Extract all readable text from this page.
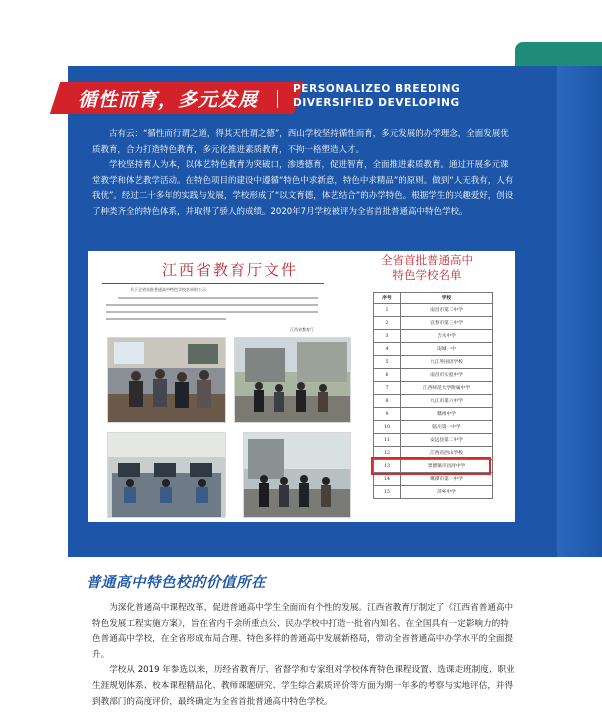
循性而育，多元发展	PERSONALIZEO BREEDING
DIVERSIFIED DEVELOPING

古有云：“循性而行谓之道，得其天性谓之德”，西山学校坚持循性而育，多元发展的办学理念，全面发展优质教育，合力打造特色教育，多元化推进素质教育，不拘一格塑造人才。

学校坚持育人为本，以体艺特色教育为突破口，渗透德育，促进智育，全面推进素质教育。通过开展多元课堂教学和体艺教学活动。在特色项目的建设中遵循“特色中求新意，特色中求精品”的原则。做到“人无我有，人有我优”。经过二十多年的实践与发展，学校形成了“以文育德，体艺结合”的办学特色。根据学生的兴趣爱好，创设了种类齐全的特色体系，并取得了骄人的成绩。2020年7月学校被评为全省首批普通高中特色学校。

江西省教育厅文件
关于全省首批普通高中特色学校名单的公示
江西省教育厅
全省首批普通高中
特色学校名单
序号	学校
1	南昌市第二中学
2	宜春市第三中学
3	吉水中学
4	南城一中
5	九江外国语学校
6	南昌市实验中学
7	江西师范大学附属中学
8	九江市第六中学
9	赣州中学
10	临川第一中学
11	安远县第二中学
12	江西省西山学校
13	景德镇市昌河中学
14	鹰潭市第一中学
15	萍乡中学
普通高中特色校的价值所在

为深化普通高中课程改革，促进普通高中学生全面而有个性的发展。江西省教育厅制定了《江西省普通高中特色发展工程实施方案》，旨在省内千余所重点公、民办学校中打造一批省内知名、在全国具有一定影响力的特色普通高中学校，在全省形成布局合理、特色多样的普通高中发展新格局，带动全省普通高中办学水平的全面提升。

学校从 2019 年参选以来，历经省教育厅、省督学和专家组对学校体育特色课程设置、选课走班制度、职业生涯规划体系、校本课程精品化、教师课题研究、学生综合素质评价等方面为期一年多的考察与实地评估，并得到教部门的高度评价，最终确定为全省首批普通高中特色学校。
